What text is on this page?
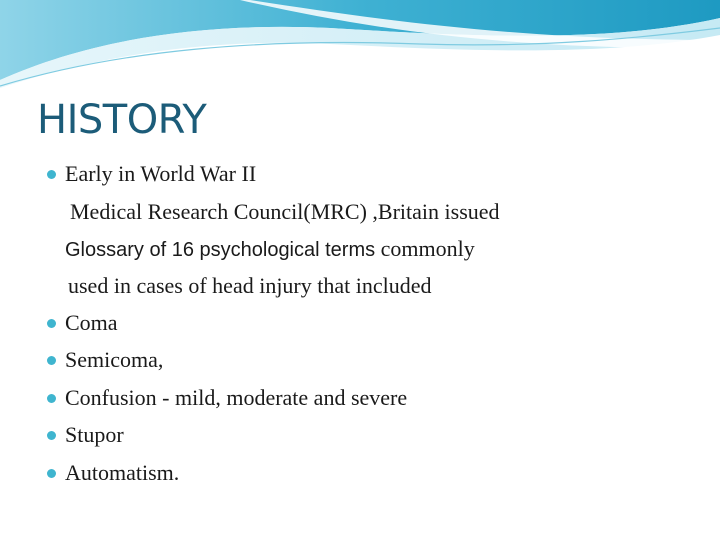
HISTORY
Early in World War II
Medical Research Council(MRC) ,Britain issued
Glossary of 16 psychological terms commonly
used in cases of head injury that included
Coma
Semicoma,
Confusion - mild, moderate and severe
Stupor
Automatism.
